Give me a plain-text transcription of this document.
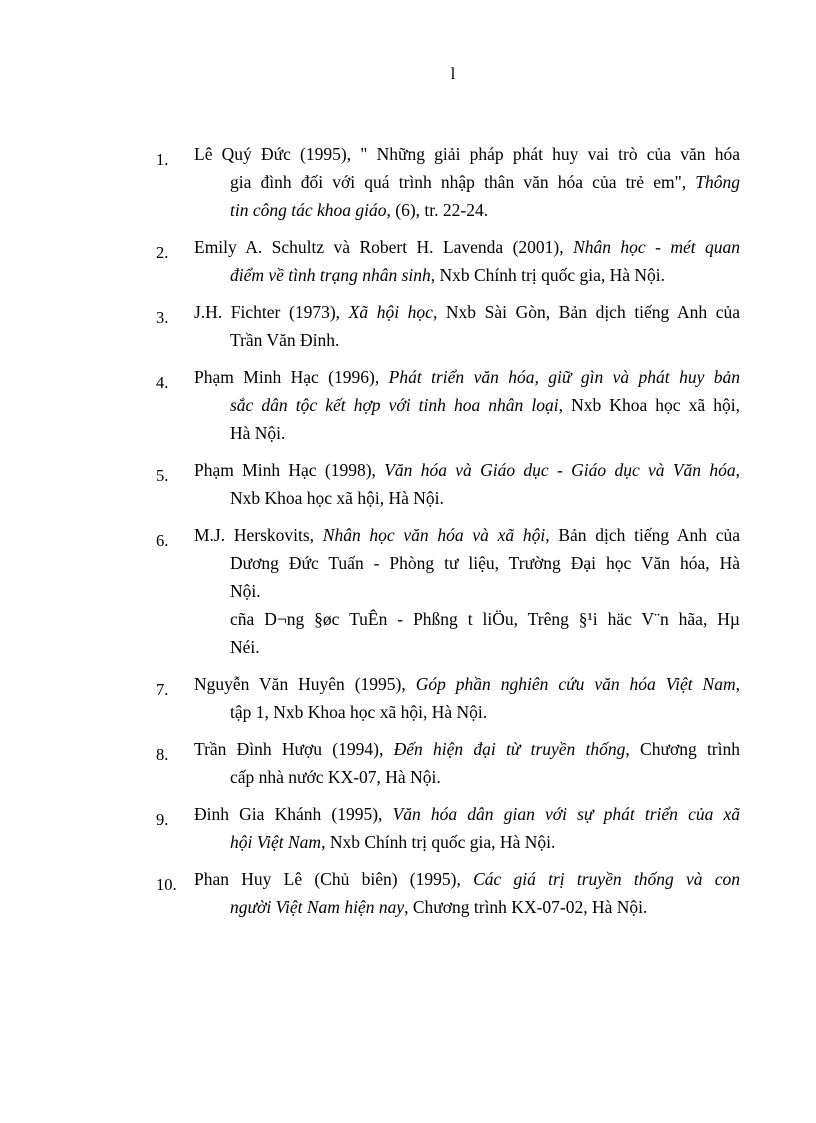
l
1. Lê Quý Đức (1995), " Những giải pháp phát huy vai trò của văn hóa
gia đình đối với quá trình nhập thân văn hóa của trẻ em", Thông
tin công tác khoa giáo, (6), tr. 22-24.
2. Emily A. Schultz và Robert H. Lavenda (2001), Nhân học - mét quan
điểm về tình trạng nhân sinh, Nxb Chính trị quốc gia, Hà Nội.
3. J.H. Fichter (1973), Xã hội học, Nxb Sài Gòn, Bản dịch tiếng Anh của
Trần Văn Đỉnh.
4. Phạm Minh Hạc (1996), Phát triển văn hóa, giữ gìn và phát huy bản
sắc dân tộc kết hợp với tinh hoa nhân loại, Nxb Khoa học xã hội,
Hà Nội.
5. Phạm Minh Hạc (1998), Văn hóa và Giáo dục - Giáo dục và Văn hóa,
Nxb Khoa học xã hội, Hà Nội.
6. M.J. Herskovits, Nhân học văn hóa và xã hội, Bản dịch tiếng Anh của
Dương Đức Tuấn - Phòng tư liệu, Trường Đại học Văn hóa, Hà
Nội.
cña D¬ng §øc TuÊn - Phßng t liÖu, Trêng §¹i häc V¨n hãa, Hµ
Néi.
7. Nguyễn Văn Huyên (1995), Góp phần nghiên cứu văn hóa Việt Nam,
tập 1, Nxb Khoa học xã hội, Hà Nội.
8. Trần Đình Hượu (1994), Đến hiện đại từ truyền thống, Chương trình
cấp nhà nước KX-07, Hà Nội.
9. Đinh Gia Khánh (1995), Văn hóa dân gian với sự phát triển của xã
hội Việt Nam, Nxb Chính trị quốc gia, Hà Nội.
10. Phan Huy Lê (Chủ biên) (1995), Các giá trị truyền thống và con
người Việt Nam hiện nay, Chương trình KX-07-02, Hà Nội.
